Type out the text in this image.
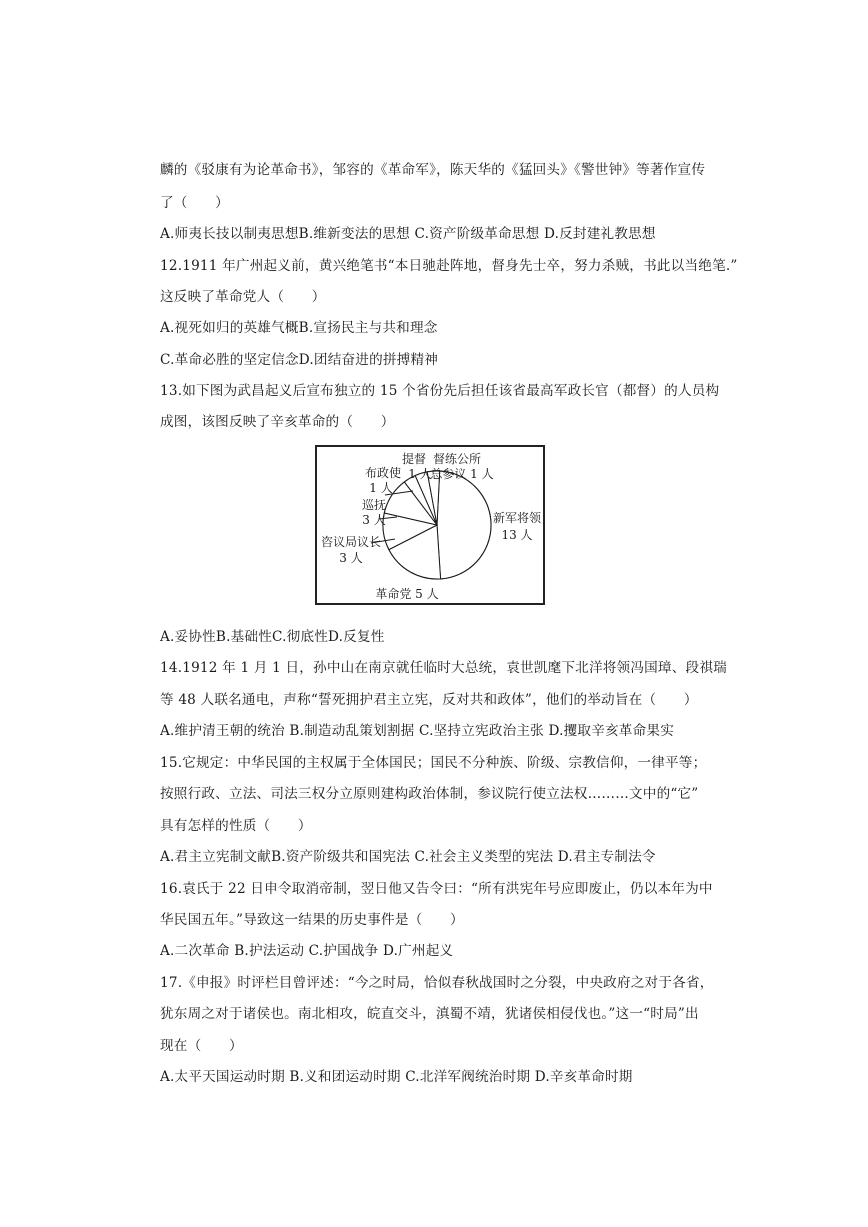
麟的《驳康有为论革命书》，邹容的《革命军》，陈天华的《猛回头》《警世钟》等著作宣传
了（　　）
A.师夷长技以制夷思想B.维新变法的思想 C.资产阶级革命思想 D.反封建礼教思想
12.1911 年广州起义前，黄兴绝笔书“本日驰赴阵地，督身先士卒，努力杀贼，书此以当绝笔.”
这反映了革命党人（　　）
A.视死如归的英雄气概B.宣扬民主与共和理念
C.革命必胜的坚定信念D.团结奋进的拼搏精神
13.如下图为武昌起义后宣布独立的 15 个省份先后担任该省最高军政长官（都督）的人员构
成图，该图反映了辛亥革命的（　　）
A.妥协性B.基础性C.彻底性D.反复性
14.1912 年 1 月 1 日，孙中山在南京就任临时大总统，袁世凯麾下北洋将领冯国璋、段祺瑞
等 48 人联名通电，声称“誓死拥护君主立宪，反对共和政体”，他们的举动旨在（　　）
A.维护清王朝的统治 B.制造动乱策划割据 C.坚持立宪政治主张 D.攫取辛亥革命果实
15.它规定：中华民国的主权属于全体国民；国民不分种族、阶级、宗教信仰，一律平等；
按照行政、立法、司法三权分立原则建构政治体制，参议院行使立法权………文中的“它”
具有怎样的性质（　　）
A.君主立宪制文献B.资产阶级共和国宪法 C.社会主义类型的宪法 D.君主专制法令
16.袁氏于 22 日申令取消帝制，翌日他又告令曰：“所有洪宪年号应即废止，仍以本年为中
华民国五年。”导致这一结果的历史事件是（　　）
A.二次革命 B.护法运动 C.护国战争 D.广州起义
17.《申报》时评栏目曾评述：“今之时局，恰似春秋战国时之分裂，中央政府之对于各省，
犹东周之对于诸侯也。南北相攻，皖直交斗，滇蜀不靖，犹诸侯相侵伐也。”这一“时局”出
现在（　　）
A.太平天国运动时期 B.义和团运动时期 C.北洋军阀统治时期 D.辛亥革命时期
提督 督练公所
总参议 1 人
1 人
布政使
1 人
巡抚
3 人
咨议局议长
3 人
新军将领
13 人
革命党 5 人
